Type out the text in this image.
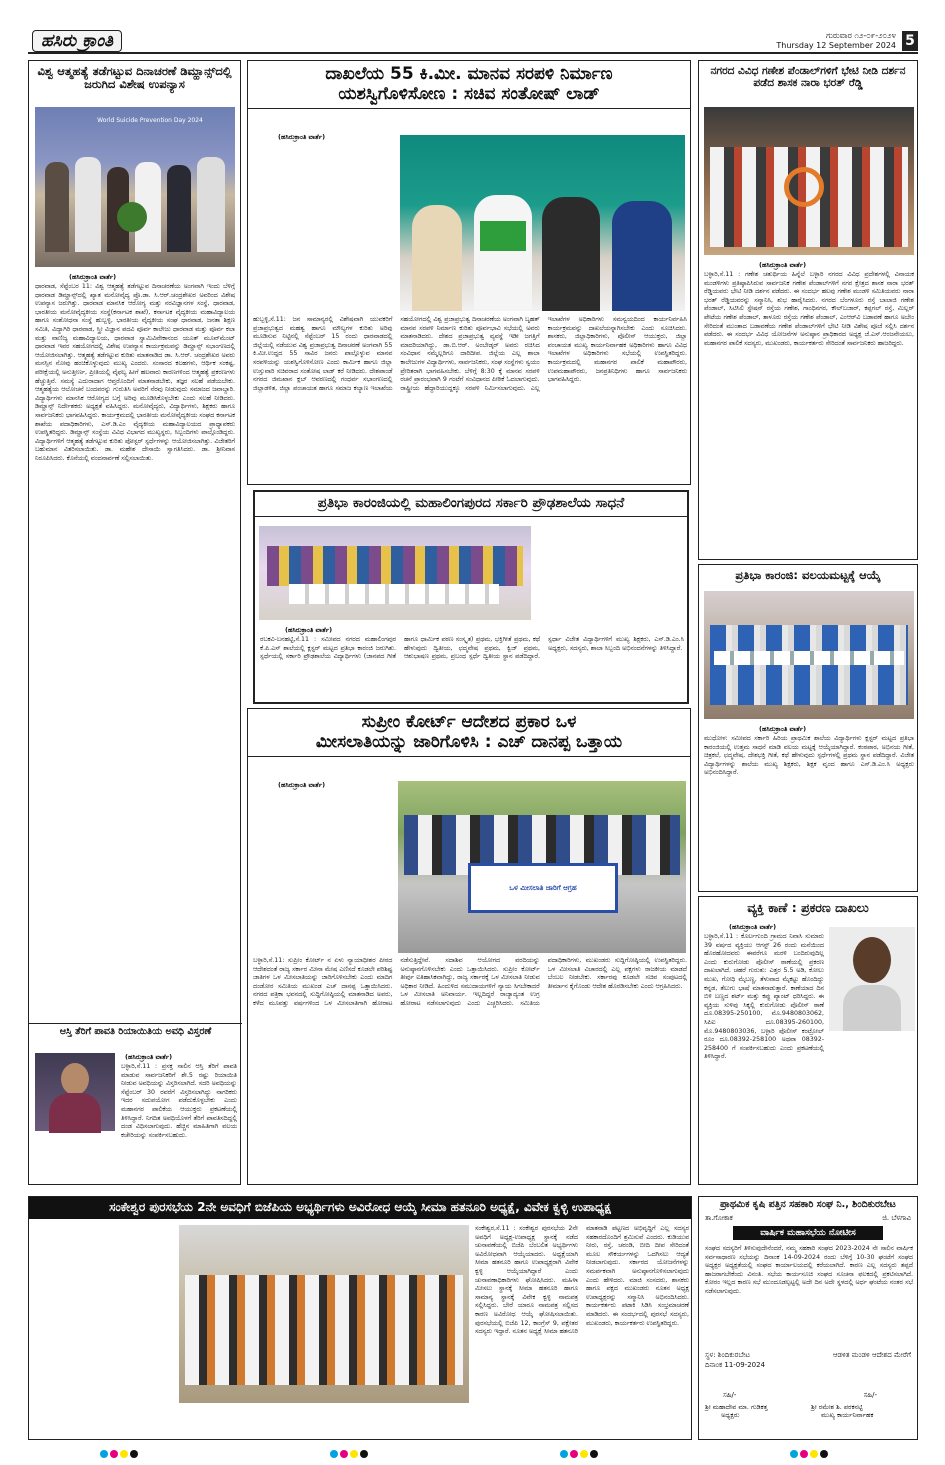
ಹಸಿರು ಕ್ರಾಂತಿ	ಗುರುವಾರ ೧೨-೦೯-೨೦೨೪
Thursday 12 September 2024 5
ವಿಶ್ವ ಆತ್ಮಹತ್ಯೆ ತಡೆಗಟ್ಟುವ ದಿನಾಚರಣೆ ಡಿಮ್ಹಾನ್ಸ್‌ದಲ್ಲಿ ಜರುಗಿದ ವಿಶೇಷ ಉಪನ್ಯಾಸ
World Suicide Prevention Day 2024
(ಹಸಿರುಕ್ರಾಂತಿ ವಾರ್ತೆ)
ಧಾರವಾಡ, ಸೆಪ್ಟೆಂಬರ 11: ವಿಶ್ವ ಆತ್ಮಹತ್ಯೆ ತಡೆಗಟ್ಟುವ ದಿನಾಚರಣೆಯ ಅಂಗವಾಗಿ ಇಂದು ಬೆಳಿಗ್ಗೆ ಧಾರವಾಡ ಡಿಮ್ಹಾನ್ಸ್‌ದಲ್ಲಿ ಖ್ಯಾತ ಮನೋವೈದ್ಯ ಪ್ರೊ.ಡಾ. ಸಿ.ಆರ್.ಚಂದ್ರಶೇಖರ ಅವರಿಂದ ವಿಶೇಷ ಉಪನ್ಯಾಸ ಜರುಗಿತ್ತು. ಧಾರವಾಡ ಮಾನಸಿಕ ಆರೋಗ್ಯ ಮತ್ತು ನರವಿಜ್ಞಾನಗಳ ಸಂಸ್ಥೆ, ಧಾರವಾಡ, ಭಾರತೀಯ ಮನೋವೈದ್ಯಕೀಯ ಸಂಸ್ಥೆ(ಕರ್ನಾಟಕ ಶಾಖೆ), ಕರ್ನಾಟಕ ವೈದ್ಯಕೀಯ ಮಹಾವಿದ್ಯಾಲಯ ಹಾಗೂ ಸಂಶೋಧನಾ ಸಂಸ್ಥೆ ಹುಬ್ಬಳ್ಳಿ, ಭಾರತೀಯ ವೈದ್ಯಕೀಯ ಸಂಘ ಧಾರವಾಡ, ಜನತಾ ಶಿಕ್ಷಣ ಸಮಿತಿ, ವಿದ್ಯಾಗಿರಿ ಧಾರವಾಡ, ಸ್ತ್ರೀ ವಿಜ್ಞಾನ ಪದವಿ ಪೂರ್ವ ಕಾಲೇಜು ಧಾರವಾಡ ಮತ್ತು ಪೂರ್ವ ಕಲಾ ಮತ್ತು ವಾಣಿಜ್ಯ ಮಹಾವಿದ್ಯಾಲಯ, ಧಾರವಾಡ ಸ್ವಾಮಿವಿವೇಕಾನಂದ ಯೂತ್ ಮೂವ್‌ಮೆಂಟ್ ಧಾರವಾಡ ಇವರ ಸಹಯೋಗದಲ್ಲಿ ವಿಶೇಷ ಉಪನ್ಯಾಸ ಕಾರ್ಯಕ್ರಮವನ್ನು ಡಿಮ್ಹಾನ್ಸ್ ಸಭಾಂಗಣದಲ್ಲಿ ಆಯೋಜಿಸಲಾಗಿತ್ತು. ಆತ್ಮಹತ್ಯೆ ತಡೆಗಟ್ಟುವ ಕುರಿತು ಮಾತನಾಡಿದ ಡಾ. ಸಿ.ಆರ್. ಚಂದ್ರಶೇಖರ ಅವರು ಮನಸ್ಸಿನ ನೋವು ಹಂಚಿಕೊಳ್ಳುವುದು ಮುಖ್ಯ ಎಂದರು. ಸಂಸಾರದ ಕಲಹಗಳು, ಆರ್ಥಿಕ ಸಂಕಷ್ಟ, ಪರೀಕ್ಷೆಯಲ್ಲಿ ಅನುತ್ತೀರ್ಣ, ಪ್ರೀತಿಯಲ್ಲಿ ವೈಫಲ್ಯ ಹೀಗೆ ಹಲವಾರು ಕಾರಣಗಳಿಂದ ಆತ್ಮಹತ್ಯೆ ಪ್ರಕರಣಗಳು ಹೆಚ್ಚುತ್ತಿವೆ. ಸಮಸ್ಯೆ ಎದುರಾದಾಗ ಆಪ್ತರೊಂದಿಗೆ ಮಾತನಾಡಬೇಕು, ತಜ್ಞರ ಸಲಹೆ ಪಡೆಯಬೇಕು. ಆತ್ಮಹತ್ಯೆಯ ಆಲೋಚನೆ ಬಂದವರನ್ನು ಗುರುತಿಸಿ ಅವರಿಗೆ ನೆರವು ನೀಡುವುದು ಸಮಾಜದ ಜವಾಬ್ದಾರಿ. ವಿದ್ಯಾರ್ಥಿಗಳು ಮಾನಸಿಕ ಆರೋಗ್ಯದ ಬಗ್ಗೆ ಅರಿವು ಮೂಡಿಸಿಕೊಳ್ಳಬೇಕು ಎಂದು ಸಲಹೆ ನೀಡಿದರು. ಡಿಮ್ಹಾನ್ಸ್ ನಿರ್ದೇಶಕರು ಅಧ್ಯಕ್ಷತೆ ವಹಿಸಿದ್ದರು. ಮನೋವೈದ್ಯರು, ವಿದ್ಯಾರ್ಥಿಗಳು, ಶಿಕ್ಷಕರು ಹಾಗೂ ಸಾರ್ವಜನಿಕರು ಭಾಗವಹಿಸಿದ್ದರು. ಕಾರ್ಯಕ್ರಮದಲ್ಲಿ ಭಾರತೀಯ ಮನೋವೈದ್ಯಕೀಯ ಸಂಘದ ಕರ್ನಾಟಕ ಶಾಖೆಯ ಪದಾಧಿಕಾರಿಗಳು, ಎಸ್.ಡಿ.ಎಂ ವೈದ್ಯಕೀಯ ಮಹಾವಿದ್ಯಾಲಯದ ಪ್ರಾಧ್ಯಾಪಕರು ಉಪಸ್ಥಿತರಿದ್ದರು. ಡಿಮ್ಹಾನ್ಸ್ ಸಂಸ್ಥೆಯ ವಿವಿಧ ವಿಭಾಗದ ಮುಖ್ಯಸ್ಥರು, ಸಿಬ್ಬಂದಿಗಳು ಪಾಲ್ಗೊಂಡಿದ್ದರು. ವಿದ್ಯಾರ್ಥಿಗಳಿಗೆ ಆತ್ಮಹತ್ಯೆ ತಡೆಗಟ್ಟುವ ಕುರಿತು ಪೋಸ್ಟರ್ ಸ್ಪರ್ಧೆಗಳನ್ನು ಆಯೋಜಿಸಲಾಗಿತ್ತು. ವಿಜೇತರಿಗೆ ಬಹುಮಾನ ವಿತರಿಸಲಾಯಿತು. ಡಾ. ಮಹೇಶ ದೇಸಾಯಿ ಸ್ವಾಗತಿಸಿದರು. ಡಾ. ಶ್ರೀನಿವಾಸ ನಿರೂಪಿಸಿದರು. ಕೊನೆಯಲ್ಲಿ ವಂದನಾರ್ಪಣೆ ಸಲ್ಲಿಸಲಾಯಿತು.
ಆಸ್ತಿ ತೆರಿಗೆ ಪಾವತಿ ರಿಯಾಯಿತಿಯ ಅವಧಿ ವಿಸ್ತರಣೆ
(ಹಸಿರುಕ್ರಾಂತಿ ವಾರ್ತೆ)
ಬಳ್ಳಾರಿ,ಸೆ.11 : ಪ್ರಸಕ್ತ ಸಾಲಿನ ಆಸ್ತಿ ತೆರಿಗೆ ಪಾವತಿ ಮಾಡುವ ಸಾರ್ವಜನಿಕರಿಗೆ ಶೇ.5 ರಷ್ಟು ರಿಯಾಯಿತಿ ನೀಡುವ ಅವಧಿಯನ್ನು ವಿಸ್ತರಿಸಲಾಗಿದೆ. ಸದರಿ ಅವಧಿಯನ್ನು ಸೆಪ್ಟೆಂಬರ್ 30 ರವರೆಗೆ ವಿಸ್ತರಿಸಲಾಗಿದ್ದು ನಾಗರಿಕರು ಇದರ ಸದುಪಯೋಗ ಪಡೆದುಕೊಳ್ಳಬೇಕು ಎಂದು ಮಹಾನಗರ ಪಾಲಿಕೆಯ ಆಯುಕ್ತರು ಪ್ರಕಟಣೆಯಲ್ಲಿ ತಿಳಿಸಿದ್ದಾರೆ. ನಿಗದಿತ ಅವಧಿಯೊಳಗೆ ತೆರಿಗೆ ಪಾವತಿಸದಿದ್ದಲ್ಲಿ ದಂಡ ವಿಧಿಸಲಾಗುವುದು. ಹೆಚ್ಚಿನ ಮಾಹಿತಿಗಾಗಿ ವಲಯ ಕಚೇರಿಯನ್ನು ಸಂಪರ್ಕಿಸಬಹುದು.
ದಾಖಲೆಯ 55 ಕಿ.ಮೀ. ಮಾನವ ಸರಪಳಿ ನಿರ್ಮಾಣ
ಯಶಸ್ವಿಗೊಳಿಸೋಣ : ಸಚಿವ ಸಂತೋಷ್ ಲಾಡ್
(ಹಸಿರುಕ್ರಾಂತಿ ವಾರ್ತೆ)
ಹುಬ್ಬಳ್ಳಿ,ಸೆ.11: ಜನ ಸಾಮಾನ್ಯರಲ್ಲಿ ವಿಶೇಷವಾಗಿ ಯುವಕರಿಗೆ ಪ್ರಜಾಪ್ರಭುತ್ವದ ಮಹತ್ವ ಹಾಗೂ ಮೌಲ್ಯಗಳ ಕುರಿತು ಅರಿವು ಮೂಡಿಸುವ ನಿಟ್ಟಿನಲ್ಲಿ ಸೆಪ್ಟೆಂಬರ್ 15 ರಂದು ಧಾರವಾಡದಲ್ಲಿ ಜಿಲ್ಲೆಯಲ್ಲಿ ನಡೆಯುವ ವಿಶ್ವ ಪ್ರಜಾಪ್ರಭುತ್ವ ದಿನಾಚರಣೆ ಅಂಗವಾಗಿ 55 ಕಿ.ಮೀ.ಉದ್ದದ 55 ಸಾವಿರ ಜನರು ಪಾಲ್ಗೊಳ್ಳುವ ಮಾನವ ಸರಪಳಿಯನ್ನು ಯಶಸ್ವಿಗೊಳಿಸೋಣ ಎಂದು ಕಾರ್ಮಿಕ ಹಾಗೂ ಜಿಲ್ಲಾ ಉಸ್ತುವಾರಿ ಸಚಿವರಾದ ಸಂತೋಷ ಲಾಡ್ ಕರೆ ನೀಡಿದರು. ದೇಶಪಾಂಡೆ ನಗರದ ಜಿಮಖಾನ ಕ್ಲಬ್ ಆವರಣದಲ್ಲಿ ಗಂಧರ್ವ ಸಭಾಂಗಣದಲ್ಲಿ ಜಿಲ್ಲಾಡಳಿತ, ಜಿಲ್ಲಾ ಪಂಚಾಯತ ಹಾಗೂ ಸಮಾಜ ಕಲ್ಯಾಣ ಇಲಾಖೆಯ ಸಹಯೋಗದಲ್ಲಿ ವಿಶ್ವ ಪ್ರಜಾಪ್ರಭುತ್ವ ದಿನಾಚರಣೆಯ ಅಂಗವಾಗಿ ಬೃಹತ್ ಮಾನವ ಸರಪಳಿ ನಿರ್ಮಾಣ ಕುರಿತು ಪೂರ್ವಭಾವಿ ಸಭೆಯಲ್ಲಿ ಅವರು ಮಾತನಾಡಿದರು. ದೇಶದ ಪ್ರಜಾಪ್ರಭುತ್ವ ವ್ಯವಸ್ಥೆ ಇಡೀ ಜಗತ್ತಿಗೆ ಮಾದರಿಯಾಗಿದ್ದು, ಡಾ.ಬಿ.ಆರ್. ಅಂಬೇಡ್ಕರ್ ಅವರು ರಚಿಸಿದ ಸಂವಿಧಾನ ನಮ್ಮೆಲ್ಲರಿಗೂ ದಾರಿದೀಪ. ಜಿಲ್ಲೆಯ ಎಲ್ಲ ಶಾಲಾ ಕಾಲೇಜುಗಳ ವಿದ್ಯಾರ್ಥಿಗಳು, ಸಾರ್ವಜನಿಕರು, ಸಂಘ ಸಂಸ್ಥೆಗಳು ಸ್ವಯಂ ಪ್ರೇರಿತರಾಗಿ ಭಾಗವಹಿಸಬೇಕು. ಬೆಳಿಗ್ಗೆ 8:30 ಕ್ಕೆ ಮಾನವ ಸರಪಳಿ ರಚನೆ ಪ್ರಾರಂಭವಾಗಿ 9 ಗಂಟೆಗೆ ಸಂವಿಧಾನದ ಪೀಠಿಕೆ ಓದಲಾಗುವುದು. ರಾಷ್ಟ್ರೀಯ ಹೆದ್ದಾರಿಯುದ್ದಕ್ಕೂ ಸರಪಳಿ ನಿರ್ಮಿಸಲಾಗುವುದು. ಎಲ್ಲ ಇಲಾಖೆಗಳ ಅಧಿಕಾರಿಗಳು ಸಮನ್ವಯದಿಂದ ಕಾರ್ಯನಿರ್ವಹಿಸಿ ಕಾರ್ಯಕ್ರಮವನ್ನು ದಾಖಲೆಯನ್ನಾಗಿಸಬೇಕು ಎಂದು ಸೂಚಿಸಿದರು. ಶಾಸಕರು, ಜಿಲ್ಲಾಧಿಕಾರಿಗಳು, ಪೊಲೀಸ್ ಆಯುಕ್ತರು, ಜಿಲ್ಲಾ ಪಂಚಾಯತ ಮುಖ್ಯ ಕಾರ್ಯನಿರ್ವಾಹಕ ಅಧಿಕಾರಿಗಳು ಹಾಗೂ ವಿವಿಧ ಇಲಾಖೆಗಳ ಅಧಿಕಾರಿಗಳು ಸಭೆಯಲ್ಲಿ ಉಪಸ್ಥಿತರಿದ್ದರು. ಕಾರ್ಯಕ್ರಮದಲ್ಲಿ ಮಹಾನಗರ ಪಾಲಿಕೆ ಮಹಾಪೌರರು, ಉಪಮಹಾಪೌರರು, ಜನಪ್ರತಿನಿಧಿಗಳು ಹಾಗೂ ಸಾರ್ವಜನಿಕರು ಭಾಗವಹಿಸಿದ್ದರು.
ಪ್ರತಿಭಾ ಕಾರಂಜಿಯಲ್ಲಿ ಮಹಾಲಿಂಗಪುರದ ಸರ್ಕಾರಿ ಪ್ರೌಢಶಾಲೆಯ ಸಾಧನೆ
(ಹಸಿರುಕ್ರಾಂತಿ ವಾರ್ತೆ)
ರಬಕವಿ-ಬನಹಟ್ಟಿ,ಸೆ.11 : ಸಮೀಪದ ನಗರದ ಮಹಾಲಿಂಗಪುರ ಕೆ.ಪಿ.ಎಸ್ ಶಾಲೆಯಲ್ಲಿ ಕ್ಲಸ್ಟರ್ ಮಟ್ಟದ ಪ್ರತಿಭಾ ಕಾರಂಜಿ ಜರುಗಿತು. ಸ್ಪರ್ಧೆಯಲ್ಲಿ ಸರ್ಕಾರಿ ಪ್ರೌಢಶಾಲೆಯ ವಿದ್ಯಾರ್ಥಿಗಳು (ಜಾನಪದ ಗೀತೆ ಹಾಗೂ ಧಾರ್ಮಿಕ ಪಠಣ ಸಂಸ್ಕೃತ) ಪ್ರಥಮ, ಭಕ್ತಿಗೀತೆ ಪ್ರಥಮ, ಕಥೆ ಹೇಳುವುದು ದ್ವಿತೀಯ, ಛದ್ಮವೇಷ ಪ್ರಥಮ, ಕ್ವಿಜ್ ಪ್ರಥಮ, ಆಶುಭಾಷಣ ಪ್ರಥಮ, ಪ್ರಬಂಧ ಸ್ಪರ್ಧೆ ದ್ವಿತೀಯ ಸ್ಥಾನ ಪಡೆದಿದ್ದಾರೆ. ಸ್ಪರ್ಧಾ ವಿಜೇತ ವಿದ್ಯಾರ್ಥಿಗಳಿಗೆ ಮುಖ್ಯ ಶಿಕ್ಷಕರು, ಎಸ್.ಡಿ.ಎಂ.ಸಿ ಅಧ್ಯಕ್ಷರು, ಸದಸ್ಯರು, ಶಾಲಾ ಸಿಬ್ಬಂದಿ ಅಭಿನಂದನೆಗಳನ್ನು ತಿಳಿಸಿದ್ದಾರೆ.
ಸುಪ್ರೀಂ ಕೋರ್ಟ್ ಆದೇಶದ ಪ್ರಕಾರ ಒಳ
ಮೀಸಲಾತಿಯನ್ನು ಜಾರಿಗೊಳಿಸಿ : ಎಚ್ ದಾನಪ್ಪ ಒತ್ತಾಯ
(ಹಸಿರುಕ್ರಾಂತಿ ವಾರ್ತೆ)
ಒಳ ಮೀಸಲಾತಿ ಜಾರಿಗೆ ಆಗ್ರಹ
ಬಳ್ಳಾರಿ,ಸೆ.11: ಸುಪ್ರೀಂ ಕೋರ್ಟ್ ನ ಏಳು ನ್ಯಾಯಾಧೀಶರ ಪೀಠದ ಆದೇಶದಂತೆ ರಾಜ್ಯ ಸರ್ಕಾರ ಮೀನಾ ಮೇಷ ಎಣಿಸದೆ ಕೂಡಲೇ ಪರಿಶಿಷ್ಟ ಜಾತಿಗಳ ಒಳ ಮೀಸಲಾತಿಯನ್ನು ಜಾರಿಗೊಳಿಸಬೇಕು ಎಂದು ಮಾದಿಗ ದಂಡೋರ ಸಮಿತಿಯ ಮುಖಂಡ ಎಚ್ ದಾನಪ್ಪ ಒತ್ತಾಯಿಸಿದರು. ನಗರದ ಪತ್ರಿಕಾ ಭವನದಲ್ಲಿ ಸುದ್ದಿಗೋಷ್ಠಿಯಲ್ಲಿ ಮಾತನಾಡಿದ ಅವರು, ಕಳೆದ ಮೂವತ್ತು ವರ್ಷಗಳಿಂದ ಒಳ ಮೀಸಲಾತಿಗಾಗಿ ಹೋರಾಟ ನಡೆಸುತ್ತಿದ್ದೇವೆ. ಸದಾಶಿವ ಆಯೋಗದ ವರದಿಯನ್ನು ಅನುಷ್ಠಾನಗೊಳಿಸಬೇಕು ಎಂದು ಒತ್ತಾಯಿಸಿದರು. ಸುಪ್ರೀಂ ಕೋರ್ಟ್ ತೀರ್ಪು ಐತಿಹಾಸಿಕವಾಗಿದ್ದು, ರಾಜ್ಯ ಸರ್ಕಾರಕ್ಕೆ ಒಳ ಮೀಸಲಾತಿ ನೀಡುವ ಅಧಿಕಾರ ನೀಡಿದೆ. ಹಿಂದುಳಿದ ಸಮುದಾಯಗಳಿಗೆ ನ್ಯಾಯ ಸಿಗಬೇಕಾದರೆ ಒಳ ಮೀಸಲಾತಿ ಅನಿವಾರ್ಯ. ಇಲ್ಲದಿದ್ದರೆ ರಾಜ್ಯಾದ್ಯಂತ ಉಗ್ರ ಹೋರಾಟ ನಡೆಸಲಾಗುವುದು ಎಂದು ಎಚ್ಚರಿಸಿದರು. ಸಮಿತಿಯ ಪದಾಧಿಕಾರಿಗಳು, ಮುಖಂಡರು ಸುದ್ದಿಗೋಷ್ಠಿಯಲ್ಲಿ ಉಪಸ್ಥಿತರಿದ್ದರು. ಒಳ ಮೀಸಲಾತಿ ವಿಚಾರದಲ್ಲಿ ಎಲ್ಲ ಪಕ್ಷಗಳು ರಾಜಕೀಯ ಮಾಡದೆ ಬೆಂಬಲ ನೀಡಬೇಕು. ಸರ್ಕಾರವು ಕೂಡಲೇ ಸಚಿವ ಸಂಪುಟದಲ್ಲಿ ತೀರ್ಮಾನ ಕೈಗೊಂಡು ಆದೇಶ ಹೊರಡಿಸಬೇಕು ಎಂದು ಆಗ್ರಹಿಸಿದರು.
ನಗರದ ವಿವಿಧ ಗಣೇಶ ಪೆಂಡಾಲ್‌ಗಳಿಗೆ ಭೇಟಿ ನೀಡಿ ದರ್ಶನ ಪಡೆದ ಶಾಸಕ ನಾರಾ ಭರತ್ ರೆಡ್ಡಿ
(ಹಸಿರುಕ್ರಾಂತಿ ವಾರ್ತೆ)
ಬಳ್ಳಾರಿ,ಸೆ.11 : ಗಣೇಶ ಚತುರ್ಥಿಯ ಹಿನ್ನೆಲೆ ಬಳ್ಳಾರಿ ನಗರದ ವಿವಿಧ ಪ್ರದೇಶಗಳಲ್ಲಿ ವಿನಾಯಕ ಮಂಡಳಿಗಳು ಪ್ರತಿಷ್ಠಾಪಿಸಿರುವ ಸಾರ್ವಜನಿಕ ಗಣೇಶ ಪೆಂಡಾಲ್‌ಗಳಿಗೆ ನಗರ ಕ್ಷೇತ್ರದ ಶಾಸಕ ನಾರಾ ಭರತ್ ರೆಡ್ಡಿಯವರು ಭೇಟಿ ನೀಡಿ ದರ್ಶನ ಪಡೆದರು. ಈ ಸಂದರ್ಭ ಹಲವು ಗಣೇಶ ಮಂಡಳಿ ಸಮಿತಿಯವರು ನಾರಾ ಭರತ್ ರೆಡ್ಡಿಯವರನ್ನು ಸನ್ಮಾನಿಸಿ, ಶುಭ ಹಾರೈಸಿದರು. ನಗರದ ಬೆಂಗಳೂರು ರಸ್ತೆ ಬಾಲಾಜಿ ಗಣೇಶ ಪೆಂಡಾಲ್, ಸಿಟಿಸಿಲಿ ಸ್ಟೇಷನ್ ರಸ್ತೆಯ ಗಣೇಶ, ಗಾಂಧಿನಗರ, ಕೌಲ್‌ಬಜಾರ್, ಕಪ್ಪಗಲ್ ರಸ್ತೆ, ಮಿಲ್ಲರ್ ಪೇಟೆಯ ಗಣೇಶ ಪೆಂಡಾಲ್, ತಾಳೂರು ರಸ್ತೆಯ ಗಣೇಶ ಪೆಂಡಾಲ್, ಎಂಆರ್‌ವಿ ಬಡಾವಣೆ ಹಾಗೂ ಅಬೇಂ ಸೇರಿದಂತೆ ಮುಂತಾದ ಬಡಾವಣೆಯ ಗಣೇಶ ಪೆಂಡಾಲ್‌ಗಳಿಗೆ ಭೇಟಿ ನೀಡಿ ವಿಶೇಷ ಪೂಜೆ ಸಲ್ಲಿಸಿ ದರ್ಶನ ಪಡೆದರು. ಈ ಸಂದರ್ಭ ವಿವಿಧ ಯೋಜನೆಗಳ ಅನುಷ್ಠಾನ ಪ್ರಾಧಿಕಾರದ ಅಧ್ಯಕ್ಷ ಜೆ.ಎಸ್.ಆಂಜನೇಯಲು, ಮಹಾನಗರ ಪಾಲಿಕೆ ಸದಸ್ಯರು, ಮುಖಂಡರು, ಕಾರ್ಯಕರ್ತರು ಸೇರಿದಂತೆ ಸಾರ್ವಜನಿಕರು ಹಾಜರಿದ್ದರು.
ಪ್ರತಿಭಾ ಕಾರಂಜಿ: ವಲಯಮಟ್ಟಕ್ಕೆ ಆಯ್ಕೆ
(ಹಸಿರುಕ್ರಾಂತಿ ವಾರ್ತೆ)
ಮುಧೋಳ: ಸಮೀಪದ ಸರ್ಕಾರಿ ಹಿರಿಯ ಪ್ರಾಥಮಿಕ ಶಾಲೆಯ ವಿದ್ಯಾರ್ಥಿಗಳು ಕ್ಲಸ್ಟರ್ ಮಟ್ಟದ ಪ್ರತಿಭಾ ಕಾರಂಜಿಯಲ್ಲಿ ಉತ್ತಮ ಸಾಧನೆ ಮಾಡಿ ವಲಯ ಮಟ್ಟಕ್ಕೆ ಆಯ್ಕೆಯಾಗಿದ್ದಾರೆ. ಕಂಠಪಾಠ, ಅಭಿನಯ ಗೀತೆ, ಚಿತ್ರಕಲೆ, ಛದ್ಮವೇಷ, ದೇಶಭಕ್ತಿ ಗೀತೆ, ಕಥೆ ಹೇಳುವುದು ಸ್ಪರ್ಧೆಗಳಲ್ಲಿ ಪ್ರಥಮ ಸ್ಥಾನ ಪಡೆದಿದ್ದಾರೆ. ವಿಜೇತ ವಿದ್ಯಾರ್ಥಿಗಳನ್ನು ಶಾಲೆಯ ಮುಖ್ಯ ಶಿಕ್ಷಕರು, ಶಿಕ್ಷಕ ವೃಂದ ಹಾಗೂ ಎಸ್.ಡಿ.ಎಂ.ಸಿ ಅಧ್ಯಕ್ಷರು ಅಭಿನಂದಿಸಿದ್ದಾರೆ.
ವ್ಯಕ್ತಿ ಕಾಣೆ : ಪ್ರಕರಣ ದಾಖಲು
(ಹಸಿರುಕ್ರಾಂತಿ ವಾರ್ತೆ)
ಬಳ್ಳಾರಿ,ಸೆ.11 : ಕೊರ್ಲಗುಂದಿ ಗ್ರಾಮದ ನಿವಾಸಿ ಸುಮಾರು 39 ವರ್ಷದ ವ್ಯಕ್ತಿಯು ಆಗಸ್ಟ್ 26 ರಂದು ಮನೆಯಿಂದ ಹೊರಹೋದವರು ಈವರೆಗೂ ಮರಳಿ ಬಂದಿರುವುದಿಲ್ಲ ಎಂದು ಕುರುಗೋಡು ಪೊಲೀಸ್ ಠಾಣೆಯಲ್ಲಿ ಪ್ರಕರಣ ದಾಖಲಾಗಿದೆ. ಚಹರೆ ಗುರುತು: ಎತ್ತರ 5.5 ಅಡಿ, ಕೋಲು ಮುಖ, ಗೋಧಿ ಮೈಬಣ್ಣ, ತೆಳುವಾದ ಮೈಕಟ್ಟು ಹೊಂದಿದ್ದು ಕನ್ನಡ, ತೆಲುಗು ಭಾಷೆ ಮಾತನಾಡುತ್ತಾರೆ. ಕಾಣೆಯಾದ ದಿನ ಬಿಳಿ ಬಣ್ಣದ ಶರ್ಟ್ ಮತ್ತು ಕಪ್ಪು ಪ್ಯಾಂಟ್ ಧರಿಸಿದ್ದರು. ಈ ವ್ಯಕ್ತಿಯ ಸುಳಿವು ಸಿಕ್ಕಲ್ಲಿ ಕುರುಗೋಡು ಪೊಲೀಸ್ ಠಾಣೆ ದೂ.08395-250100, ಮೊ.9480803062, ಸಿಪಿಐ ದೂ.08395-260100, ಮೊ.9480803036, ಬಳ್ಳಾರಿ ಪೊಲೀಸ್ ಕಂಟ್ರೋಲ್ ರೂಂ ದೂ.08392-258100 ಅಥವಾ 08392-258400 ಗೆ ಸಂಪರ್ಕಿಸಬಹುದು ಎಂದು ಪ್ರಕಟಣೆಯಲ್ಲಿ ತಿಳಿಸಿದ್ದಾರೆ.
ಸಂಕೇಶ್ವರ ಪುರಸಭೆಯ 2ನೇ ಅವಧಿಗೆ ಬಿಜೆಪಿಯ ಅಭ್ಯರ್ಥಿಗಳು ಅವಿರೋಧ ಆಯ್ಕೆ ಸೀಮಾ ಹತನೂರಿ ಅಧ್ಯಕ್ಷೆ, ವಿವೇಕ ಕ್ವಳ್ಳಿ ಉಪಾಧ್ಯಕ್ಷ
ಸಂಕೇಶ್ವರ,ಸೆ.11 : ಸಂಕೇಶ್ವರ ಪುರಸಭೆಯ 2ನೇ ಅವಧಿಗೆ ಅಧ್ಯಕ್ಷ-ಉಪಾಧ್ಯಕ್ಷ ಸ್ಥಾನಕ್ಕೆ ನಡೆದ ಚುನಾವಣೆಯಲ್ಲಿ ಬಿಜೆಪಿ ಬೆಂಬಲಿತ ಅಭ್ಯರ್ಥಿಗಳು ಅವಿರೋಧವಾಗಿ ಆಯ್ಕೆಯಾದರು. ಅಧ್ಯಕ್ಷೆಯಾಗಿ ಸೀಮಾ ಹತನೂರಿ ಹಾಗೂ ಉಪಾಧ್ಯಕ್ಷರಾಗಿ ವಿವೇಕ ಕ್ವಳ್ಳಿ ಆಯ್ಕೆಯಾಗಿದ್ದಾರೆ ಎಂದು ಚುನಾವಣಾಧಿಕಾರಿಗಳು ಘೋಷಿಸಿದರು. ಮಹಿಳಾ ಮೀಸಲು ಸ್ಥಾನಕ್ಕೆ ಸೀಮಾ ಹತನೂರಿ ಹಾಗೂ ಸಾಮಾನ್ಯ ಸ್ಥಾನಕ್ಕೆ ವಿವೇಕ ಕ್ವಳ್ಳಿ ನಾಮಪತ್ರ ಸಲ್ಲಿಸಿದ್ದರು. ಬೇರೆ ಯಾರೂ ನಾಮಪತ್ರ ಸಲ್ಲಿಸದ ಕಾರಣ ಅವಿರೋಧ ಆಯ್ಕೆ ಘೋಷಿಸಲಾಯಿತು. ಪುರಸಭೆಯಲ್ಲಿ ಬಿಜೆಪಿ 12, ಕಾಂಗ್ರೆಸ್ 9, ಪಕ್ಷೇತರ ಸದಸ್ಯರು ಇದ್ದಾರೆ. ನೂತನ ಅಧ್ಯಕ್ಷೆ ಸೀಮಾ ಹತನೂರಿ ಮಾತನಾಡಿ ಪಟ್ಟಣದ ಅಭಿವೃದ್ಧಿಗೆ ಎಲ್ಲ ಸದಸ್ಯರ ಸಹಕಾರದೊಂದಿಗೆ ಶ್ರಮಿಸುವೆ ಎಂದರು. ಕುಡಿಯುವ ನೀರು, ರಸ್ತೆ, ಚರಂಡಿ, ಬೀದಿ ದೀಪ ಸೇರಿದಂತೆ ಮೂಲ ಸೌಕರ್ಯಗಳನ್ನು ಒದಗಿಸಲು ಆದ್ಯತೆ ನೀಡಲಾಗುವುದು. ಸರ್ಕಾರದ ಯೋಜನೆಗಳನ್ನು ಸಮರ್ಪಕವಾಗಿ ಅನುಷ್ಠಾನಗೊಳಿಸಲಾಗುವುದು ಎಂದು ಹೇಳಿದರು. ಮಾಜಿ ಸಂಸದರು, ಶಾಸಕರು ಹಾಗೂ ಪಕ್ಷದ ಮುಖಂಡರು ನೂತನ ಅಧ್ಯಕ್ಷ ಉಪಾಧ್ಯಕ್ಷರನ್ನು ಸನ್ಮಾನಿಸಿ ಅಭಿನಂದಿಸಿದರು. ಕಾರ್ಯಕರ್ತರು ಪಟಾಕಿ ಸಿಡಿಸಿ ಸಂಭ್ರಮಾಚರಣೆ ಮಾಡಿದರು. ಈ ಸಂದರ್ಭದಲ್ಲಿ ಪುರಸಭೆ ಸದಸ್ಯರು, ಮುಖಂಡರು, ಕಾರ್ಯಕರ್ತರು ಉಪಸ್ಥಿತರಿದ್ದರು.
ಪ್ರಾಥಮಿಕ ಕೃಷಿ ಪತ್ತಿನ ಸಹಕಾರಿ ಸಂಘ ನಿ., ಶಿಂದಿಕುರಬೇಟ
ತಾ.ಗೋಕಾಕ	ಜಿ. ಬೆಳಗಾವಿ
ವಾರ್ಷಿಕ ಮಹಾಸಭೆಯ ನೋಟೀಸ
ಸಂಘದ ಸದಸ್ಯರಿಗೆ ತಿಳಿಸುವುದೇನೆಂದರೆ, ನಮ್ಮ ಸಹಕಾರಿ ಸಂಘದ 2023-2024 ನೇ ಸಾಲಿನ ವಾರ್ಷಿಕ ಸರ್ವಸಾಧಾರಣ ಸಭೆಯನ್ನು ದಿನಾಂಕ 14-09-2024 ರಂದು ಬೆಳಿಗ್ಗೆ 10-30 ಘಂಟೆಗೆ ಸಂಘದ ಅಧ್ಯಕ್ಷರ ಅಧ್ಯಕ್ಷತೆಯಲ್ಲಿ ಸಂಘದ ಕಾರ್ಯಾಲಯದಲ್ಲಿ ಕರೆಯಲಾಗಿದೆ. ಕಾರಣ ಎಲ್ಲ ಸದಸ್ಯರು ತಪ್ಪದೆ ಹಾಜರಾಗಬೇಕೆಂದು ವಿನಂತಿ. ಸಭೆಯ ಕಾರ್ಯಸೂಚಿ ಸಂಘದ ಸೂಚನಾ ಫಲಕದಲ್ಲಿ ಪ್ರಕಟಿಸಲಾಗಿದೆ. ಕೋರಂ ಇಲ್ಲದ ಕಾರಣ ಸಭೆ ಮುಂದೂಡಲ್ಪಟ್ಟಲ್ಲಿ ಅದೇ ದಿನ ಅದೇ ಸ್ಥಳದಲ್ಲಿ ಅರ್ಧ ಘಂಟೆಯ ನಂತರ ಸಭೆ ನಡೆಸಲಾಗುವುದು.
ಸ್ಥಳ: ಶಿಂದಿಕುರಬೇಟ
ದಿನಾಂಕ 11-09-2024
ಆಡಳಿತ ಮಂಡಳಿ ಆದೇಶದ ಮೇರೆಗೆ
ಸಹಿ/-	ಸಹಿ/-
ಶ್ರೀ ಮಹಾದೇವ ಮಾ. ಗುಡಿಕತ್ತ
ಅಧ್ಯಕ್ಷರು
ಶ್ರೀ ರಮೇಶ ಶಿ. ಪರಕನಟ್ಟಿ
ಮುಖ್ಯ ಕಾರ್ಯನಿರ್ವಾಹಕ
